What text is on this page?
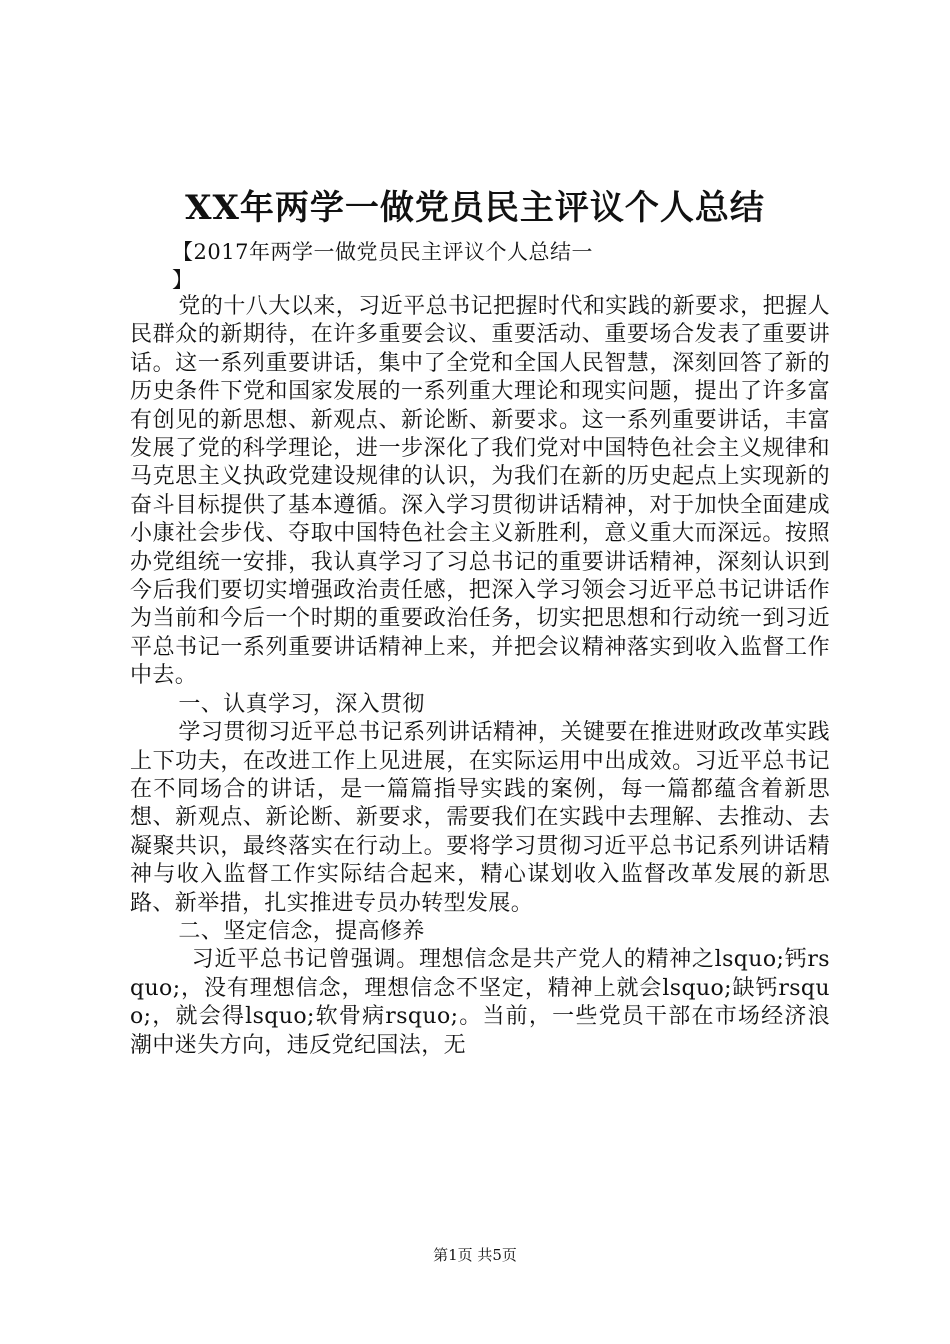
XX年两学一做党员民主评议个人总结
【2017年两学一做党员民主评议个人总结一
】

党的十八大以来，习近平总书记把握时代和实践的新要求，把握人民群众的新期待，在许多重要会议、重要活动、重要场合发表了重要讲话。这一系列重要讲话，集中了全党和全国人民智慧，深刻回答了新的历史条件下党和国家发展的一系列重大理论和现实问题，提出了许多富有创见的新思想、新观点、新论断、新要求。这一系列重要讲话，丰富发展了党的科学理论，进一步深化了我们党对中国特色社会主义规律和马克思主义执政党建设规律的认识，为我们在新的历史起点上实现新的奋斗目标提供了基本遵循。深入学习贯彻讲话精神，对于加快全面建成小康社会步伐、夺取中国特色社会主义新胜利，意义重大而深远。按照办党组统一安排，我认真学习了习总书记的重要讲话精神，深刻认识到今后我们要切实增强政治责任感，把深入学习领会习近平总书记讲话作为当前和今后一个时期的重要政治任务，切实把思想和行动统一到习近平总书记一系列重要讲话精神上来，并把会议精神落实到收入监督工作中去。

一、认真学习，深入贯彻

学习贯彻习近平总书记系列讲话精神，关键要在推进财政改革实践上下功夫，在改进工作上见进展，在实际运用中出成效。习近平总书记在不同场合的讲话，是一篇篇指导实践的案例，每一篇都蕴含着新思想、新观点、新论断、新要求，需要我们在实践中去理解、去推动、去凝聚共识，最终落实在行动上。要将学习贯彻习近平总书记系列讲话精神与收入监督工作实际结合起来，精心谋划收入监督改革发展的新思路、新举措，扎实推进专员办转型发展。

二、坚定信念，提高修养

习近平总书记曾强调。理想信念是共产党人的精神之lsquo;钙rsquo;，没有理想信念，理想信念不坚定，精神上就会lsquo;缺钙rsquo;，就会得lsquo;软骨病rsquo;。当前，一些党员干部在市场经济浪潮中迷失方向，违反党纪国法，无

第1页 共5页
